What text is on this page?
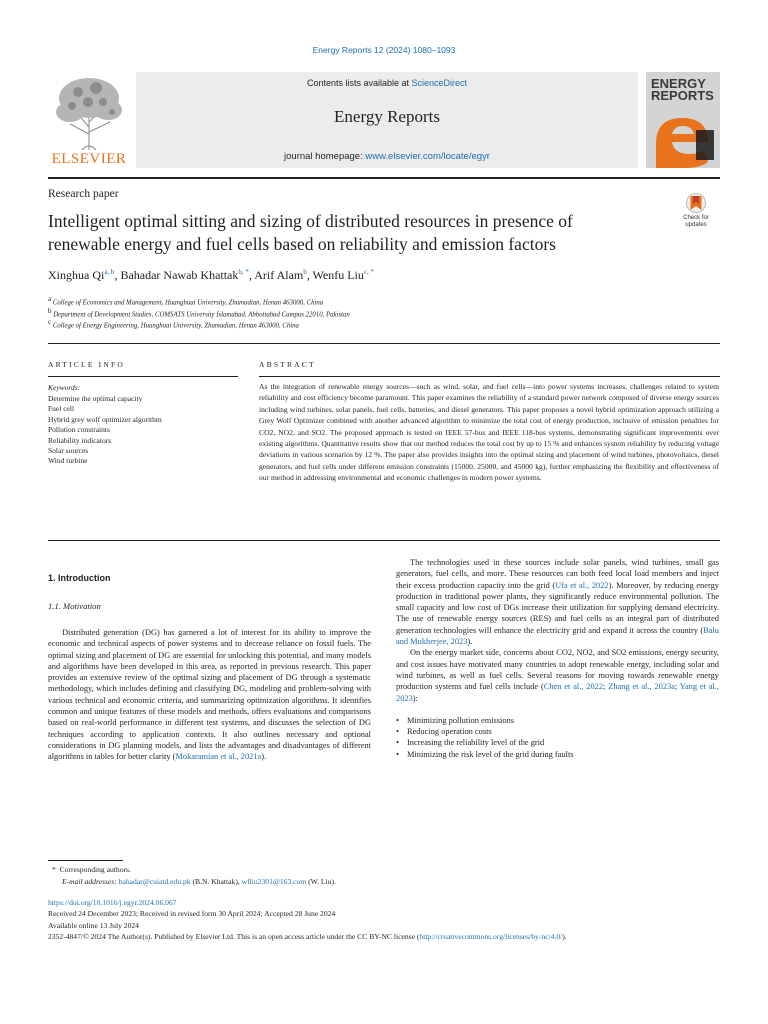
Energy Reports 12 (2024) 1080–1093
ELSEVIER
Contents lists available at ScienceDirect
Energy Reports
journal homepage: www.elsevier.com/locate/egyr
ENERGY
REPORTS
Research paper
Intelligent optimal sitting and sizing of distributed resources in presence of renewable energy and fuel cells based on reliability and emission factors
Check for updates
Xinghua Qi$^{a, b}$, Bahadar Nawab Khattak$^{b, *}$, Arif Alam$^b$, Wenfu Liu$^{c, *}$
$^a$ College of Economics and Management, Huanghuai University, Zhumadian, Henan 463000, China
$^b$ Department of Development Studies, COMSATS University Islamabad, Abbottabad Campus 22010, Pakistan
$^c$ College of Energy Engineering, Huanghuai University, Zhumadian, Henan 463000, China
ARTICLE INFO
Keywords:
Determine the optimal capacity
Fuel cell
Hybrid grey wolf optimizer algorithm
Pollution constraints
Reliability indicators
Solar sources
Wind turbine
ABSTRACT
As the integration of renewable energy sources—such as wind, solar, and fuel cells—into power systems increases, challenges related to system reliability and cost efficiency become paramount. This paper examines the reliability of a standard power network composed of diverse energy sources including wind turbines, solar panels, fuel cells, batteries, and diesel generators. This paper proposes a novel hybrid optimization approach utilizing a Grey Wolf Optimizer combined with another advanced algorithm to minimize the total cost of energy production, inclusive of emission penalties for CO2, NO2, and SO2. The proposed approach is tested on IEEE 57-bus and IEEE 118-bus systems, demonstrating significant improvements over existing algorithms. Quantitative results show that our method reduces the total cost by up to 15 % and enhances system reliability by reducing voltage deviations in various scenarios by 12 %. The paper also provides insights into the optimal sizing and placement of wind turbines, photovoltaics, diesel generators, and fuel cells under different emission constraints (15000, 25000, and 45000 kg), further emphasizing the flexibility and effectiveness of our method in addressing environmental and economic challenges in modern power systems.
1. Introduction
1.1. Motivation

Distributed generation (DG) has garnered a lot of interest for its ability to improve the economic and technical aspects of power systems and to decrease reliance on fossil fuels. The optimal sizing and placement of DG are essential for unlocking this potential, and many models and algorithms have been developed in this area, as reported in previous research. This paper provides an extensive review of the optimal sizing and placement of DG through a systematic methodology, which includes defining and classifying DG, modeling and problem-solving with various technical and economic criteria, and summarizing optimization algorithms. It identifies common and unique features of these models and methods, offers evaluations and comparisons based on real-world performance in different test systems, and discusses the selection of DG techniques according to application contexts. It also outlines necessary and optional considerations in DG planning models, and lists the advantages and disadvantages of different algorithms in tables for better clarity (Mokaramian et al., 2021a).

The technologies used in these sources include solar panels, wind turbines, small gas generators, fuel cells, and more. These resources can both feed local load members and inject their excess production capacity into the grid (Ufa et al., 2022). Moreover, by reducing energy production in traditional power plants, they significantly reduce environmental pollution. The small capacity and low cost of DGs increase their utilization for supplying demand electricity. The use of renewable energy sources (RES) and fuel cells as an integral part of distributed generation technologies will enhance the electricity grid and expand it across the country (Balu and Mukherjee, 2023).

On the energy market side, concerns about CO2, NO2, and SO2 emissions, energy security, and cost issues have motivated many countries to adopt renewable energy, including solar and wind turbines, as well as fuel cells. Several reasons for moving towards renewable energy production systems and fuel cells include (Chen et al., 2022; Zhang et al., 2023a; Yang et al., 2023):

• Minimizing pollution emissions
• Reducing operation costs
• Increasing the reliability level of the grid
• Minimizing the risk level of the grid during faults
* Corresponding authors.
E-mail addresses: bahadar@cuiatd.edu.pk (B.N. Khattak), wfliu2301@163.com (W. Liu).
https://doi.org/10.1016/j.egyr.2024.06.067
Received 24 December 2023; Received in revised form 30 April 2024; Accepted 28 June 2024
Available online 13 July 2024
2352-4847/© 2024 The Author(s). Published by Elsevier Ltd. This is an open access article under the CC BY-NC license (http://creativecommons.org/licenses/by-nc/4.0/).
